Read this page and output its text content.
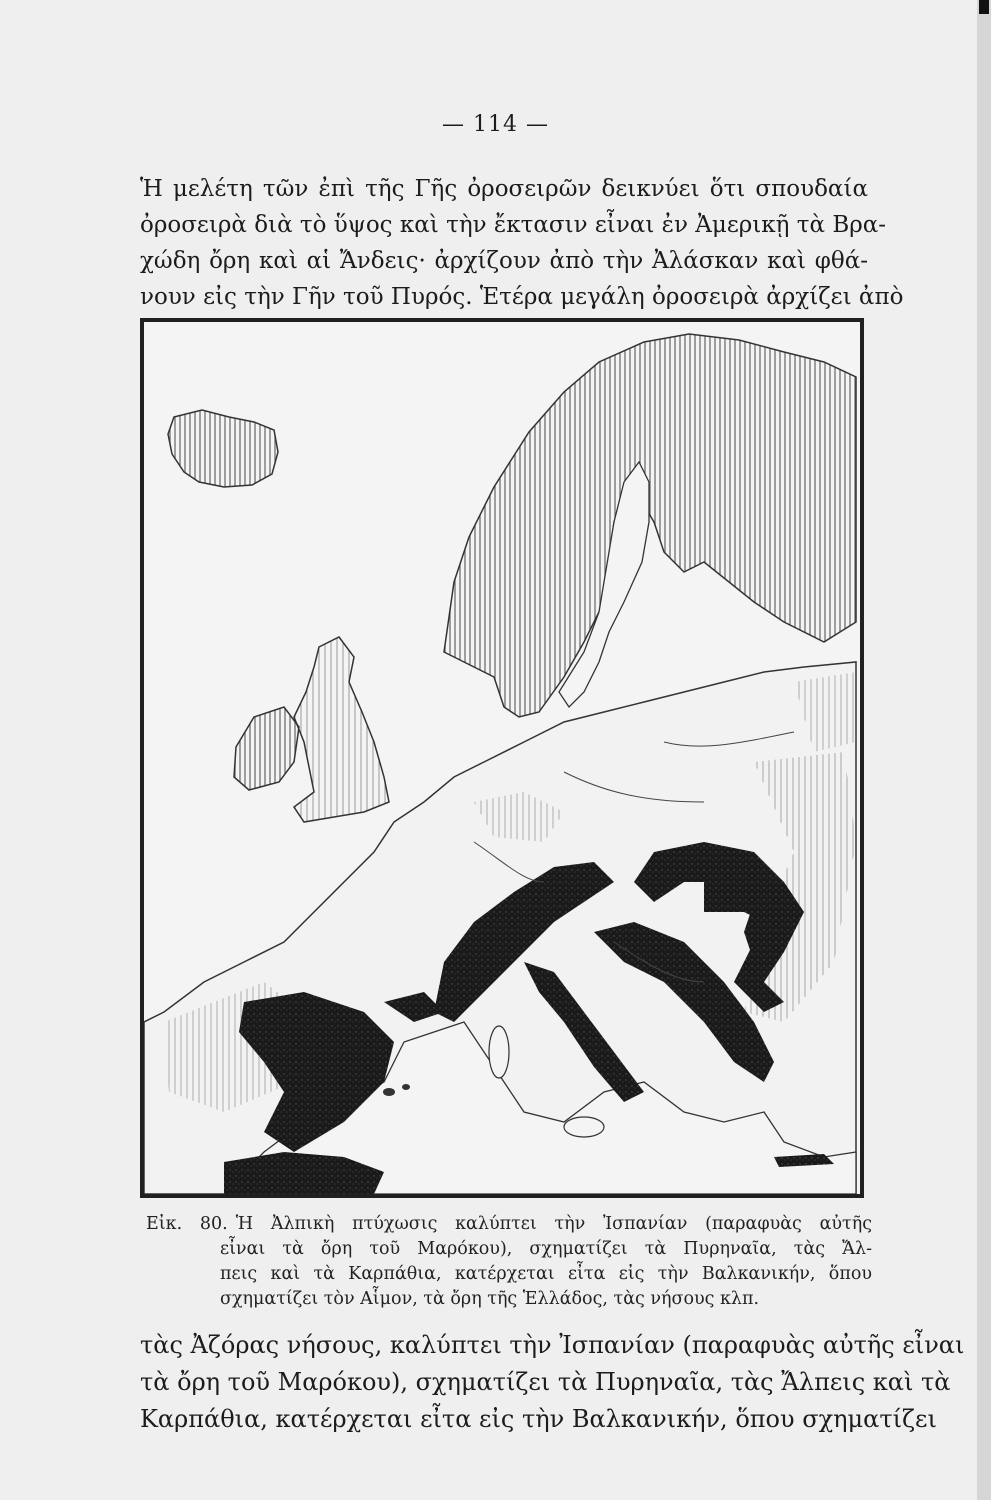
— 114 —
Ἡ μελέτη τῶν ἐπὶ τῆς Γῆς ὀροσειρῶν δεικνύει ὅτι σπουδαία
ὀροσειρὰ διὰ τὸ ὕψος καὶ τὴν ἔκτασιν εἶναι ἐν Ἀμερικῇ τὰ Βρα-
χώδη ὄρη καὶ αἱ Ἄνδεις· ἀρχίζουν ἀπὸ τὴν Ἀλάσκαν καὶ φθά-
νουν εἰς τὴν Γῆν τοῦ Πυρός. Ἑτέρα μεγάλη ὀροσειρὰ ἀρχίζει ἀπὸ
Εἰκ. 80. Ἡ Ἀλπικὴ πτύχωσις καλύπτει τὴν Ἰσπανίαν (παραφυὰς αὐτῆς
εἶναι τὰ ὄρη τοῦ Μαρόκου), σχηματίζει τὰ Πυρηναῖα, τὰς Ἄλ-
πεις καὶ τὰ Καρπάθια, κατέρχεται εἶτα εἰς τὴν Βαλκανικήν, ὅπου
σχηματίζει τὸν Αἷμον, τὰ ὄρη τῆς Ἑλλάδος, τὰς νήσους κλπ.
τὰς Ἀζόρας νήσους, καλύπτει τὴν Ἰσπανίαν (παραφυὰς αὐτῆς εἶναι
τὰ ὄρη τοῦ Μαρόκου), σχηματίζει τὰ Πυρηναῖα, τὰς Ἄλπεις καὶ τὰ
Καρπάθια, κατέρχεται εἶτα εἰς τὴν Βαλκανικήν, ὅπου σχηματίζει
